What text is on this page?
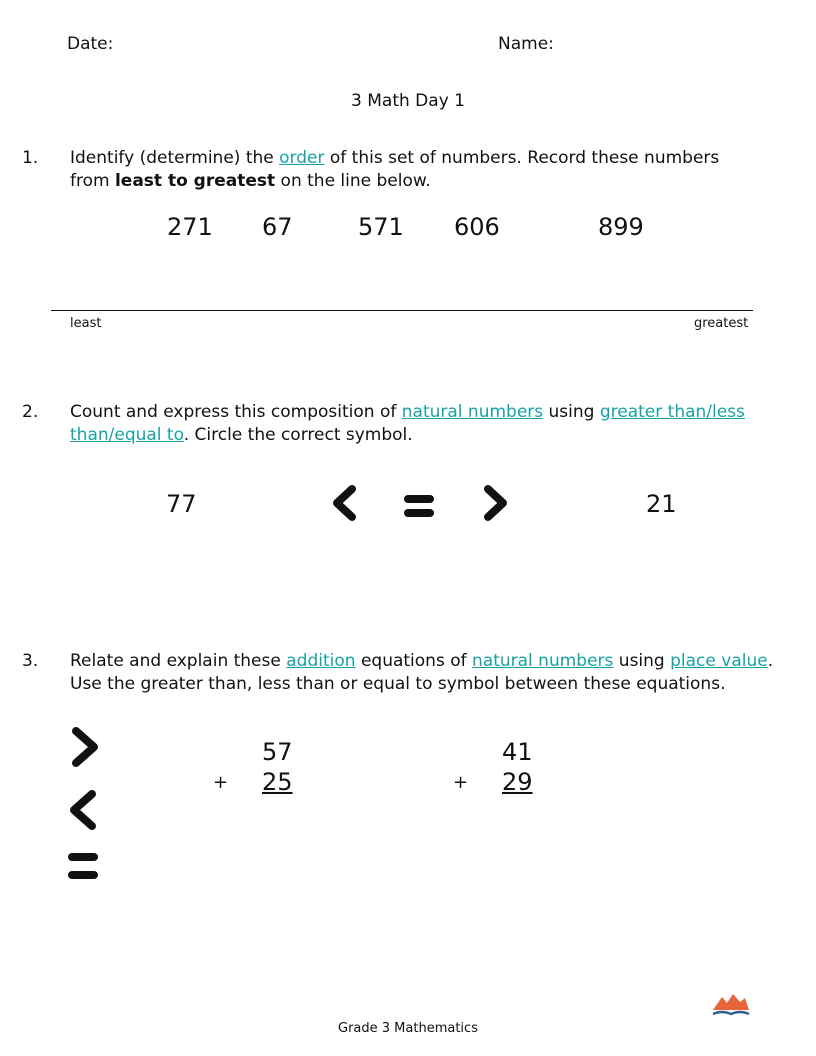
Date:	Name:
3 Math Day 1
1. Identify (determine) the order of this set of numbers. Record these numbers
from least to greatest on the line below.
271 67	571 606	899
least	greatest
2. Count and express this composition of natural numbers using greater than/less
than/equal to. Circle the correct symbol.
77	21
3. Relate and explain these addition equations of natural numbers using place value.
Use the greater than, less than or equal to symbol between these equations.
57
+ 25
41
+ 29
Grade 3 Mathematics
